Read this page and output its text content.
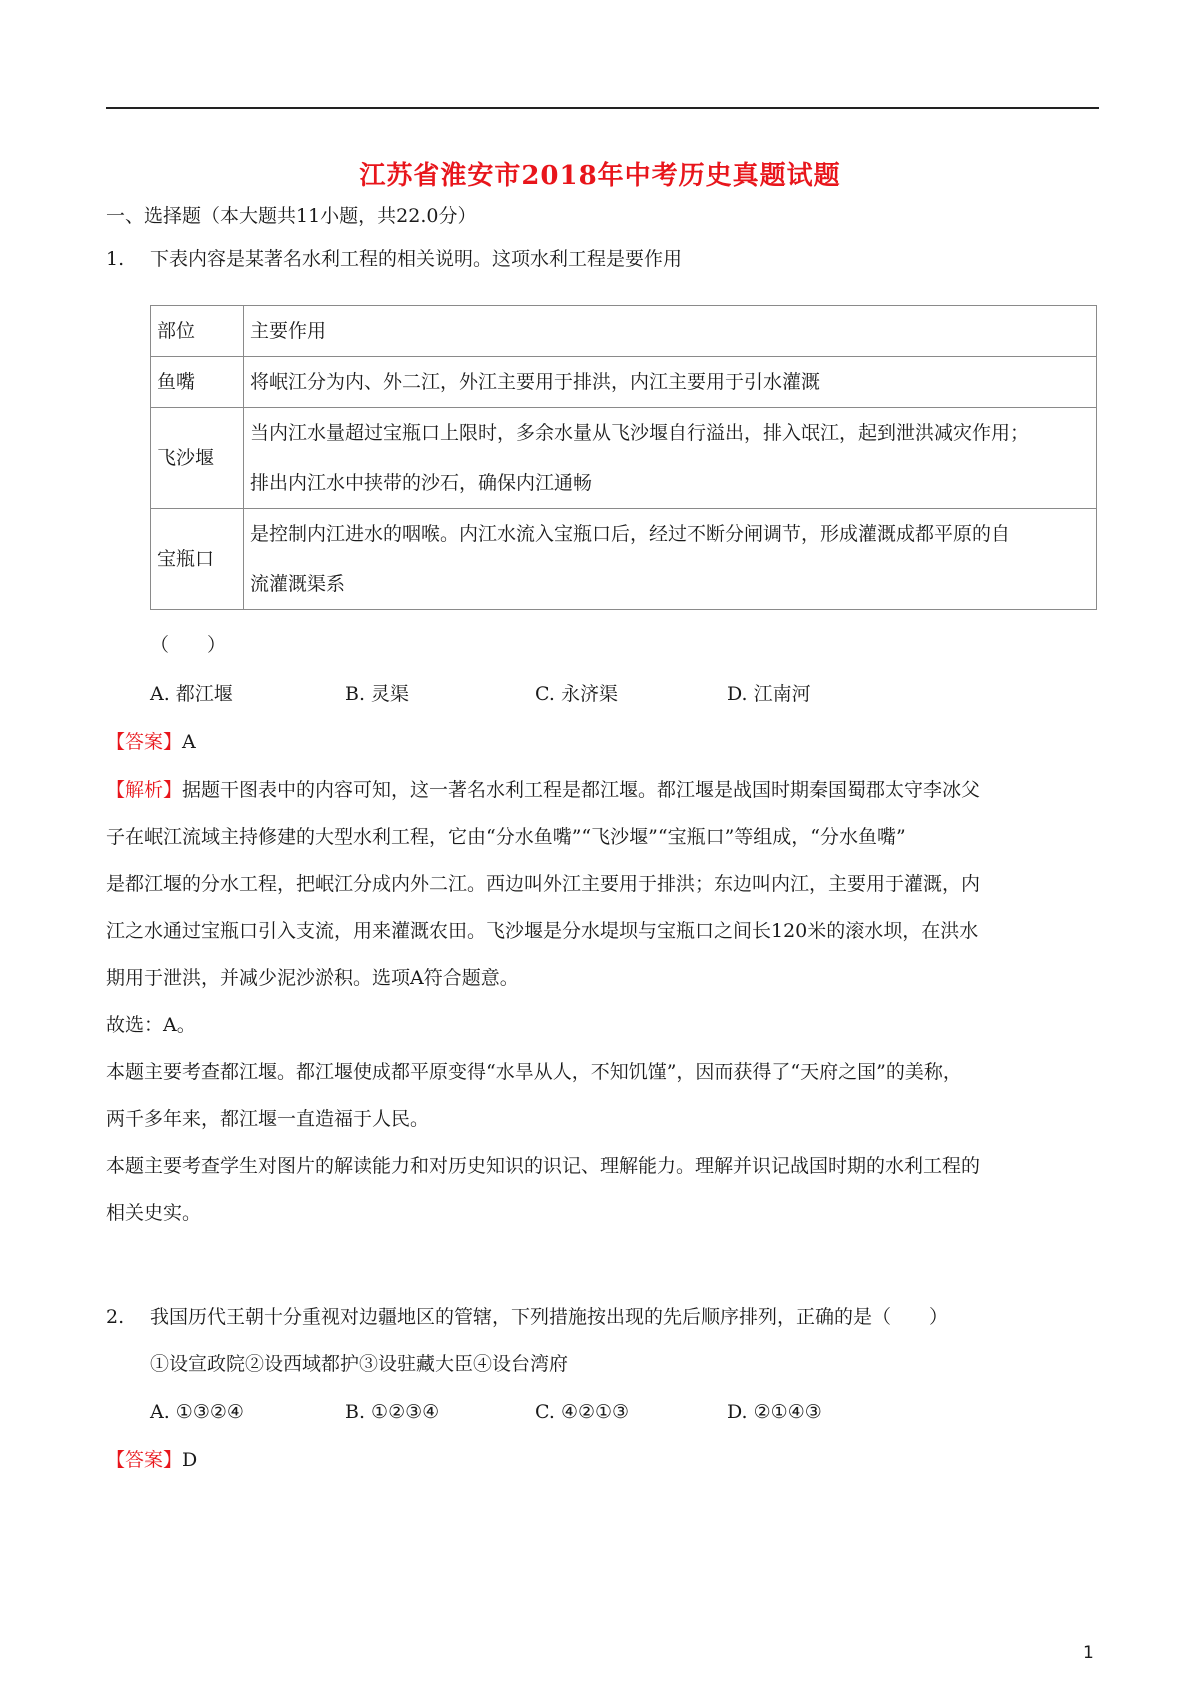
江苏省淮安市2018年中考历史真题试题
一、选择题（本大题共11小题，共22.0分）
1. 下表内容是某著名水利工程的相关说明。这项水利工程是要作用
部位	主要作用
鱼嘴	将岷江分为内、外二江，外江主要用于排洪，内江主要用于引水灌溉
飞沙堰	当内江水量超过宝瓶口上限时，多余水量从飞沙堰自行溢出，排入氓江，起到泄洪减灾作用；
排出内江水中挟带的沙石，确保内江通畅

宝瓶口	是控制内江进水的咽喉。内江水流入宝瓶口后，经过不断分闸调节，形成灌溉成都平原的自
流灌溉渠系
（　　）
A. 都江堰	B. 灵渠	C. 永济渠	D. 江南河
【答案】A
【解析】据题干图表中的内容可知，这一著名水利工程是都江堰。都江堰是战国时期秦国蜀郡太守李冰父
子在岷江流域主持修建的大型水利工程，它由“分水鱼嘴”“飞沙堰”“宝瓶口”等组成，“分水鱼嘴”
是都江堰的分水工程，把岷江分成内外二江。西边叫外江主要用于排洪；东边叫内江，主要用于灌溉，内
江之水通过宝瓶口引入支流，用来灌溉农田。飞沙堰是分水堤坝与宝瓶口之间长120米的滚水坝，在洪水
期用于泄洪，并减少泥沙淤积。选项A符合题意。
故选：A。
本题主要考查都江堰。都江堰使成都平原变得“水旱从人，不知饥馑”，因而获得了“天府之国”的美称，
两千多年来，都江堰一直造福于人民。
本题主要考查学生对图片的解读能力和对历史知识的识记、理解能力。理解并识记战国时期的水利工程的
相关史实。
2. 我国历代王朝十分重视对边疆地区的管辖，下列措施按出现的先后顺序排列，正确的是（　　）
①设宣政院②设西域都护③设驻藏大臣④设台湾府
A. ①③②④	B. ①②③④	C. ④②①③	D. ②①④③
【答案】D
1
